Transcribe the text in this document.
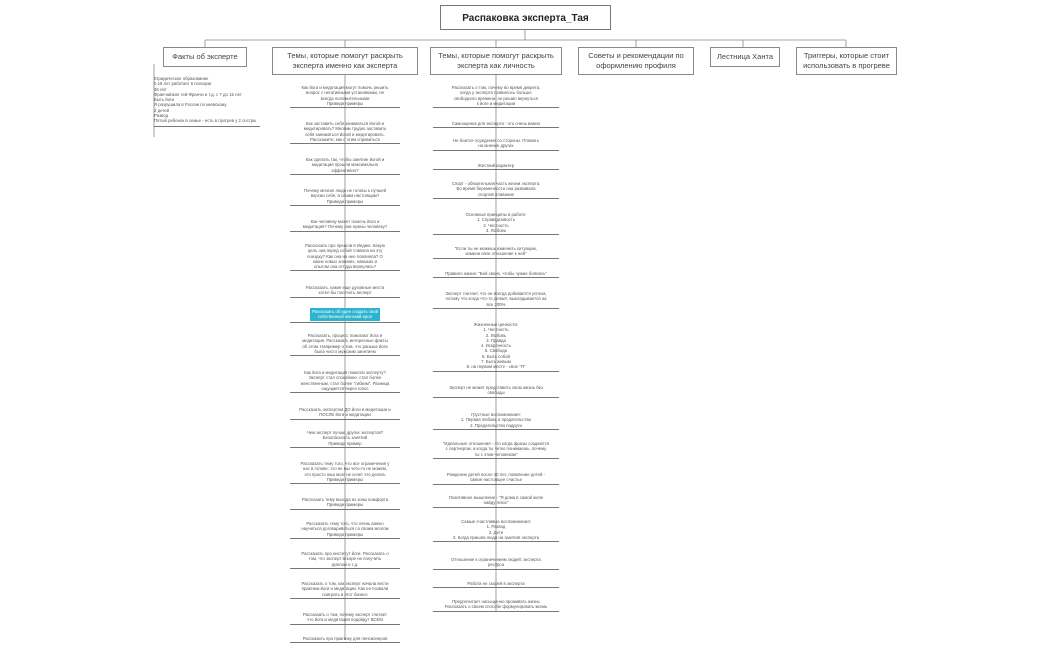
Распаковка эксперта_Тая
Факты об эксперте	Темы, которые помогут раскрыть эксперта именно как эксперта
Темы, которые помогут раскрыть эксперта как личность
Советы и рекомендации по оформлению профиля
Лестница Ханта	Триггеры, которые стоит использовать в прогреве
Юридическое образование
0.18 лет работает в полиции
36 лет
Франчайзинг гей-Франчи и т.д. с 7 до 15 лет
Быть йоги
Я разрушила в России по киевскому
2 детей
Развод
Пятый ребенок в семье - есть в прогрев у 2 сестры
Как йога и медитация могут помочь решить
вопрос с негативными установками, не
всегда положительными
Приведи примеры
Как заставить себя заниматься йогой и
медитировать? Многим трудно заставить
себя заниматься йогой и медитировать.
Расскажите, как с этим справиться
Как сделать так, чтобы занятие йогой и
медитация прошли максимально
эффективно?
Почему многие люди не готовы к лучшей
версии себя, а своим настоящим?
Приведи примеры
Как человеку может помочь йога и
медитация? Почему они нужны человеку?
Рассказать про прешли в Индию. Какую
цель она перед собой ставила на эту
поездку? Как она на нее повлияла? О
каких новых знаниях, навыках и
опытом она оттуда вернулась?
Рассказать, какие еще духовные места
хотел бы посетить эксперт
Рассказать об идее создать свой
собственный женский ерол
Рассказать, процесс помогают йога и
медитация. Рассказать интересные факты
об этом. Например о том, что раньше йога
была чисто мужским занятием
Как йога и медитация помогли эксперту?
Эксперт стал спокойнее, стал более
женственным, стал более "гибким". Разница
ощущается через голос
Рассказать экспертом ДО йоги и медитации и
ПОСЛЕ йоги и медитации
Чем эксперт лучше других экспертов?
Безопасность занятий
Приведи пример
Рассказать тему того, что все ограничения у
нас в голове: это не мы чего-то не можем,
это просто наш мозг не хочет это делать
Приведи примеры
Рассказать тему выхода из зоны комфорта
Приведи примеры
Рассказать тему того, что очень важно
научиться договариваться со своим мозгом
Приведи примеры
Рассказать про институт йоги. Рассказать о
том, что эксперт вскоре не получить
диплом и т.д.
Рассказать о том, как эксперт начала вести
практики йоги и медитации. Как ее позвали
поиграть в этот бизнес
Рассказать о том, почему эксперт считает
что йога и медитация подойдут ВСЕМ
Рассказать про практику для пенсионеров
Рассказать о том, почему во время декрета,
когда у эксперта появилось больше
свободного времени, он решил вернуться
к йоге и медитации
Самооценка для эксперта - это очень важно
Не боится осуждения со стороны. Плевать
на мнение других
Жесткий характер
Спорт - обязательная часть жизни эксперта.
Во время беременности она развивала
спортив плавание
Основные принципы в работе:
1. Справедливость
2. Честность
3. Любовь
"Если ты не можешь изменить ситуацию,
измени свое отношение к ней"
Правило жизни: "Бей своих, чтобы чужие боялись"
Эксперт считает, что он всегда добивается успеха,
потому что когда что-то делает, выкладывается на
все 200%
Жизненные ценности:
1. Честность
2. Любовь
3. Правда
4. Искренность
5. Свобода
6. Быть собой
7. Быть живым
8. на первом месте - свое "Я"
Эксперт не может представить свою жизнь без
свободы
Грустные воспоминания:
1. Первая любовь и предательство
2. Предательство подруги
"Идеальные отношения - это когда фразы создаются
с партнером, и когда ты четко понимаешь, почему
ты с этим человеком"
Рождение детей после 30 лет, появление детей -
самое настоящее счастье
Позитивное мышление - "Я дома в самой жопе
найду плюс"
Самые счастливые воспоминания:
1. Развод
2. Дети
3. Когда пришли люди на занятия эксперта
Отношение к ограничениям людей: эксперта
ресурса
Работа не скорей в эксперта
Предпочитает насыщенно проживать жизнь
Рассказать о своем способе формулировать жизнь
